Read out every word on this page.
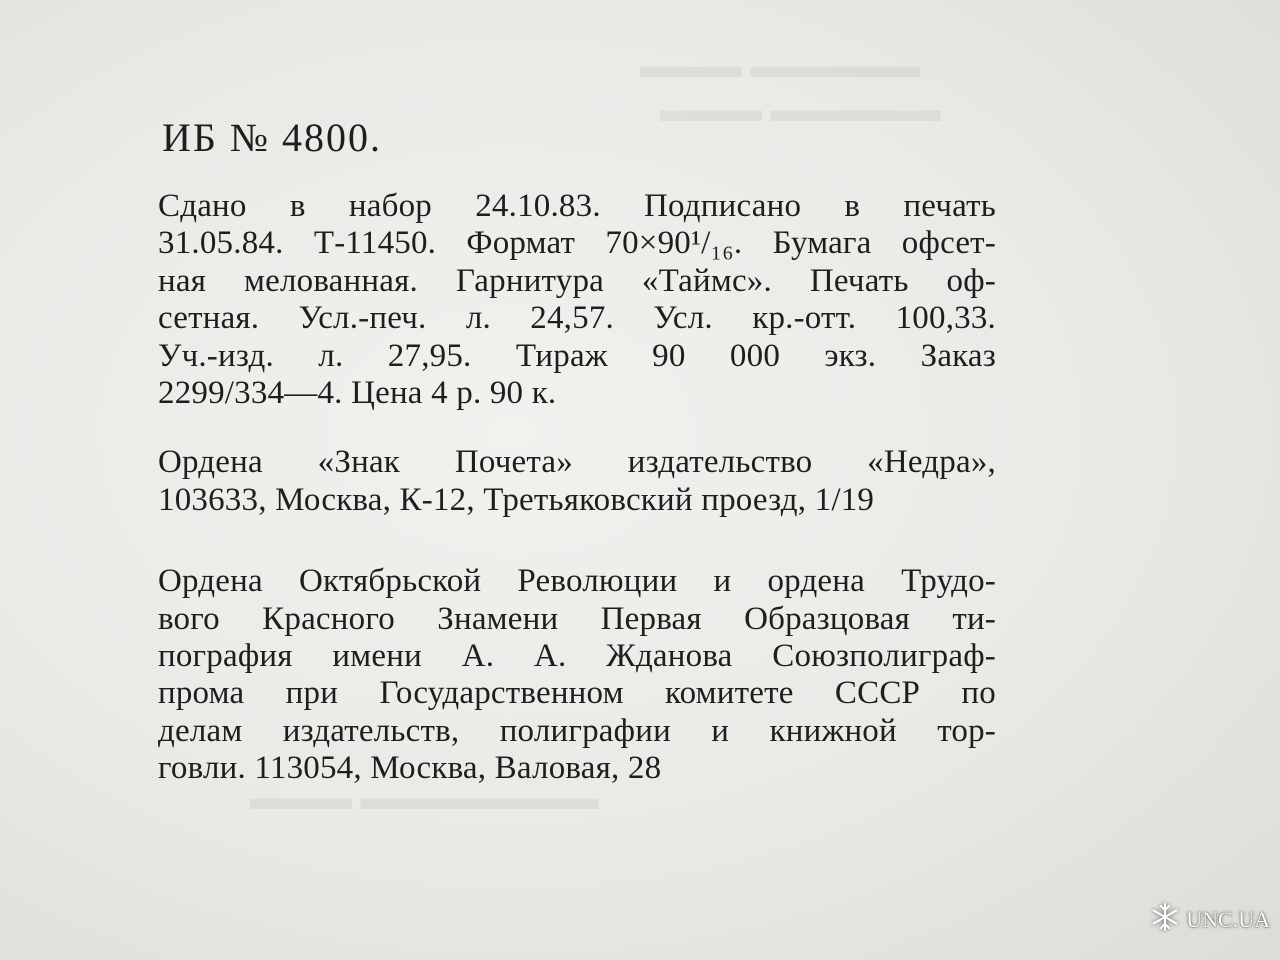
▬▬▬▬▬ ▬▬▬
▬▬▬▬▬ ▬▬▬
▬▬▬▬▬▬▬ ▬▬▬
ИБ № 4800.
Сдано в набор 24.10.83. Подписано в печать
31.05.84. Т-11450. Формат 70×90¹/₁₆. Бумага офсет-
ная мелованная. Гарнитура «Таймс». Печать оф-
сетная. Усл.-печ. л. 24,57. Усл. кр.-отт. 100,33.
Уч.-изд. л. 27,95. Тираж 90 000 экз. Заказ
2299/334—4. Цена 4 р. 90 к.
Ордена «Знак Почета» издательство «Недра»,
103633, Москва, К-12, Третьяковский проезд, 1/19
Ордена Октябрьской Революции и ордена Трудо-
вого Красного Знамени Первая Образцовая ти-
пография имени А. А. Жданова Союзполиграф-
прома при Государственном комитете СССР по
делам издательств, полиграфии и книжной тор-
говли. 113054, Москва, Валовая, 28
UNC.UA
